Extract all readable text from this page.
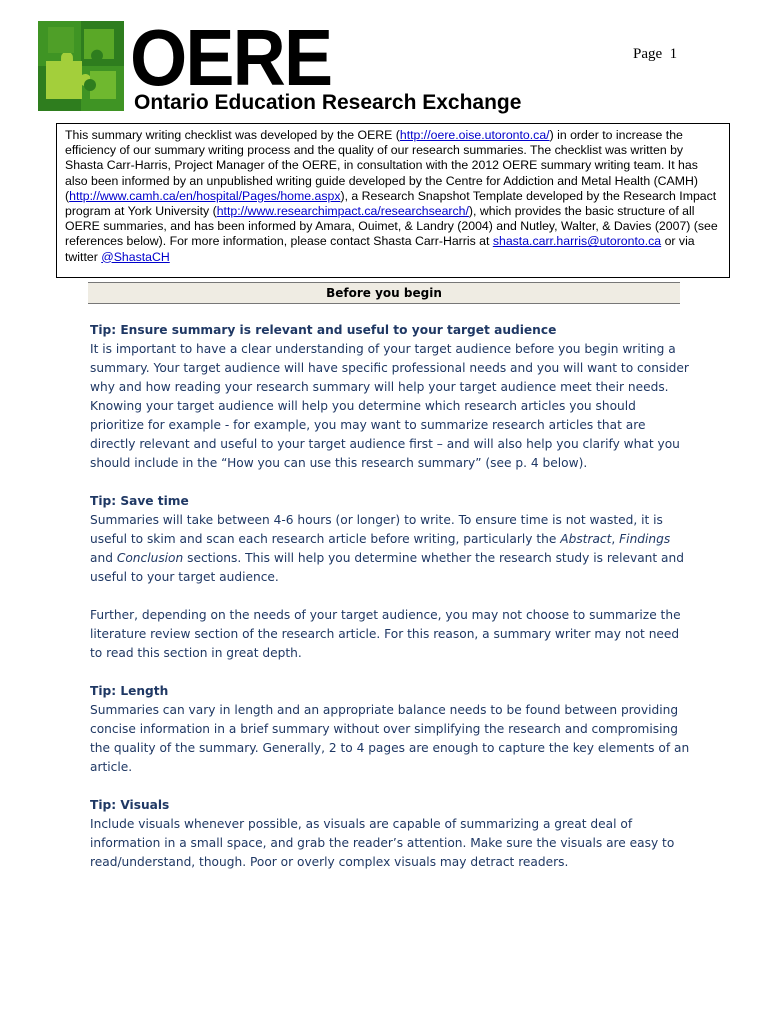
OERE
Ontario Education Research Exchange
Page 1
This summary writing checklist was developed by the OERE (http://oere.oise.utoronto.ca/) in order to increase the efficiency of our summary writing process and the quality of our research summaries. The checklist was written by Shasta Carr-Harris, Project Manager of the OERE, in consultation with the 2012 OERE summary writing team. It has also been informed by an unpublished writing guide developed by the Centre for Addiction and Metal Health (CAMH) (http://www.camh.ca/en/hospital/Pages/home.aspx), a Research Snapshot Template developed by the Research Impact program at York University (http://www.researchimpact.ca/researchsearch/), which provides the basic structure of all OERE summaries, and has been informed by Amara, Ouimet, & Landry (2004) and Nutley, Walter, & Davies (2007) (see references below). For more information, please contact Shasta Carr-Harris at shasta.carr.harris@utoronto.ca or via twitter @ShastaCH
Before you begin

Tip: Ensure summary is relevant and useful to your target audience

It is important to have a clear understanding of your target audience before you begin writing a summary. Your target audience will have specific professional needs and you will want to consider why and how reading your research summary will help your target audience meet their needs. Knowing your target audience will help you determine which research articles you should prioritize for example - for example, you may want to summarize research articles that are directly relevant and useful to your target audience first – and will also help you clarify what you should include in the “How you can use this research summary” (see p. 4 below).

Tip: Save time

Summaries will take between 4-6 hours (or longer) to write. To ensure time is not wasted, it is useful to skim and scan each research article before writing, particularly the Abstract, Findings and Conclusion sections. This will help you determine whether the research study is relevant and useful to your target audience.

Further, depending on the needs of your target audience, you may not choose to summarize the literature review section of the research article. For this reason, a summary writer may not need to read this section in great depth.

Tip: Length

Summaries can vary in length and an appropriate balance needs to be found between providing concise information in a brief summary without over simplifying the research and compromising the quality of the summary. Generally, 2 to 4 pages are enough to capture the key elements of an article.

Tip: Visuals

Include visuals whenever possible, as visuals are capable of summarizing a great deal of information in a small space, and grab the reader’s attention. Make sure the visuals are easy to read/understand, though. Poor or overly complex visuals may detract readers.
